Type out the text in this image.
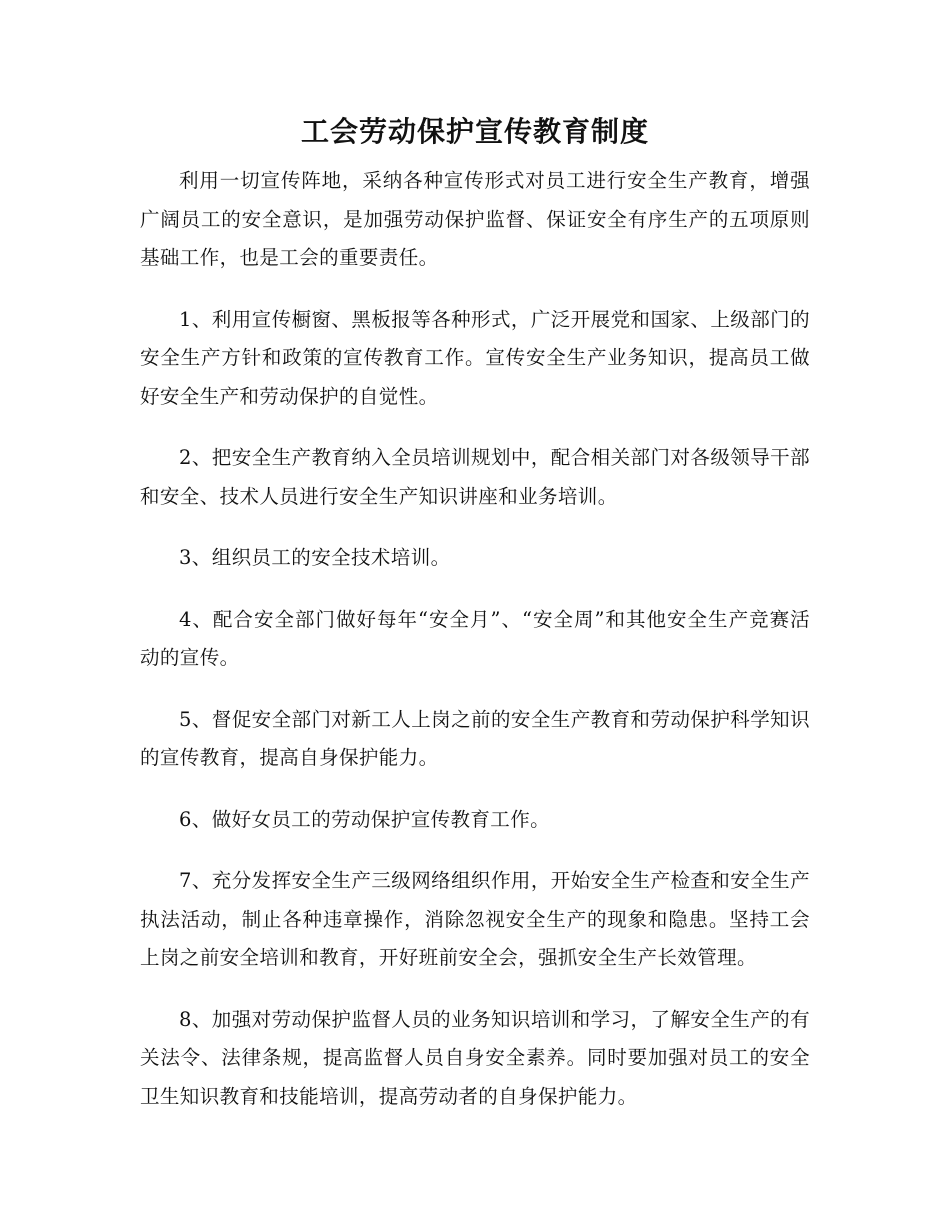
工会劳动保护宣传教育制度

利用一切宣传阵地，采纳各种宣传形式对员工进行安全生产教育，增强广阔员工的安全意识，是加强劳动保护监督、保证安全有序生产的五项原则基础工作，也是工会的重要责任。

1、利用宣传橱窗、黑板报等各种形式，广泛开展党和国家、上级部门的安全生产方针和政策的宣传教育工作。宣传安全生产业务知识，提高员工做好安全生产和劳动保护的自觉性。

2、把安全生产教育纳入全员培训规划中，配合相关部门对各级领导干部和安全、技术人员进行安全生产知识讲座和业务培训。

3、组织员工的安全技术培训。

4、配合安全部门做好每年“安全月”、“安全周”和其他安全生产竞赛活动的宣传。

5、督促安全部门对新工人上岗之前的安全生产教育和劳动保护科学知识的宣传教育，提高自身保护能力。

6、做好女员工的劳动保护宣传教育工作。

7、充分发挥安全生产三级网络组织作用，开始安全生产检查和安全生产执法活动，制止各种违章操作，消除忽视安全生产的现象和隐患。坚持工会上岗之前安全培训和教育，开好班前安全会，强抓安全生产长效管理。

8、加强对劳动保护监督人员的业务知识培训和学习，了解安全生产的有关法令、法律条规，提高监督人员自身安全素养。同时要加强对员工的安全卫生知识教育和技能培训，提高劳动者的自身保护能力。
